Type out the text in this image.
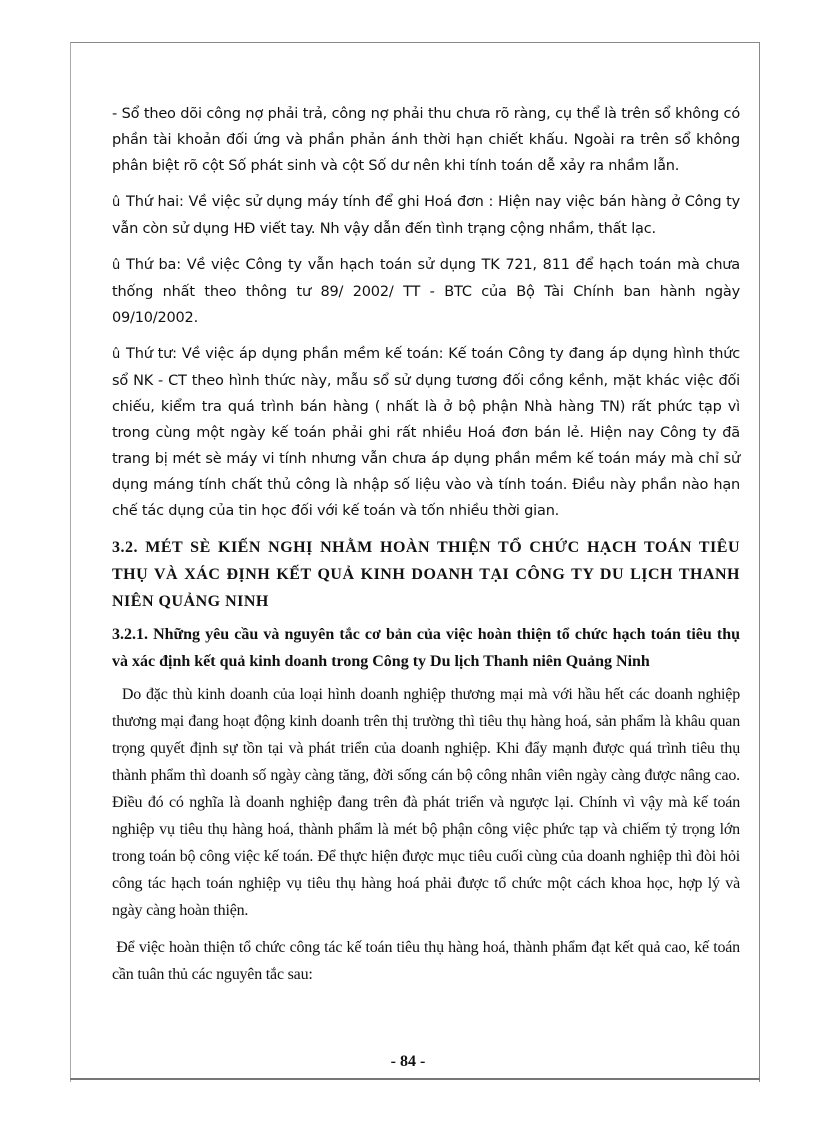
- Sổ theo dõi công nợ phải trả, công nợ phải thu chưa rõ ràng, cụ thể là trên sổ không có phần tài khoản đối ứng và phần phản ánh thời hạn chiết khấu. Ngoài ra trên sổ không phân biệt rõ cột Số phát sinh và cột Số dư nên khi tính toán dễ xảy ra nhầm lẫn.

û Thứ hai: Về việc sử dụng máy tính để ghi Hoá đơn : Hiện nay việc bán hàng ở Công ty vẫn còn sử dụng HĐ viết tay. Nh vậy dẫn đến tình trạng cộng nhầm, thất lạc.

û Thứ ba: Về việc Công ty vẫn hạch toán sử dụng TK 721, 811 để hạch toán mà chưa thống nhất theo thông tư 89/ 2002/ TT - BTC của Bộ Tài Chính ban hành ngày 09/10/2002.

û Thứ tư: Về việc áp dụng phần mềm kế toán: Kế toán Công ty đang áp dụng hình thức sổ NK - CT theo hình thức này, mẫu sổ sử dụng tương đối cồng kềnh, mặt khác việc đối chiếu, kiểm tra quá trình bán hàng ( nhất là ở bộ phận Nhà hàng TN) rất phức tạp vì trong cùng một ngày kế toán phải ghi rất nhiều Hoá đơn bán lẻ. Hiện nay Công ty đã trang bị mét sè máy vi tính nhưng vẫn chưa áp dụng phần mềm kế toán máy mà chỉ sử dụng máng tính chất thủ công là nhập số liệu vào và tính toán. Điều này phần nào hạn chế tác dụng của tin học đối với kế toán và tốn nhiều thời gian.

3.2. MÉT SÈ KIẾN NGHỊ NHẰM HOÀN THIỆN TỔ CHỨC HẠCH TOÁN TIÊU THỤ VÀ XÁC ĐỊNH KẾT QUẢ KINH DOANH TẠI CÔNG TY DU LỊCH THANH NIÊN QUẢNG NINH
3.2.1. Những yêu cầu và nguyên tắc cơ bản của việc hoàn thiện tổ chức hạch toán tiêu thụ và xác định kết quả kinh doanh trong Công ty Du lịch Thanh niên Quảng Ninh

Do đặc thù kinh doanh của loại hình doanh nghiệp thương mại mà với hầu hết các doanh nghiệp thương mại đang hoạt động kinh doanh trên thị trường thì tiêu thụ hàng hoá, sản phẩm là khâu quan trọng quyết định sự tồn tại và phát triển của doanh nghiệp. Khi đẩy mạnh được quá trình tiêu thụ thành phẩm thì doanh số ngày càng tăng, đời sống cán bộ công nhân viên ngày càng được nâng cao. Điều đó có nghĩa là doanh nghiệp đang trên đà phát triển và ngược lại. Chính vì vậy mà kế toán nghiệp vụ tiêu thụ hàng hoá, thành phẩm là mét bộ phận công việc phức tạp và chiếm tỷ trọng lớn trong toán bộ công việc kế toán. Để thực hiện được mục tiêu cuối cùng của doanh nghiệp thì đòi hỏi công tác hạch toán nghiệp vụ tiêu thụ hàng hoá phải được tổ chức một cách khoa học, hợp lý và ngày càng hoàn thiện.

Để việc hoàn thiện tổ chức công tác kế toán tiêu thụ hàng hoá, thành phẩm đạt kết quả cao, kế toán cần tuân thủ các nguyên tắc sau:

- 84 -
